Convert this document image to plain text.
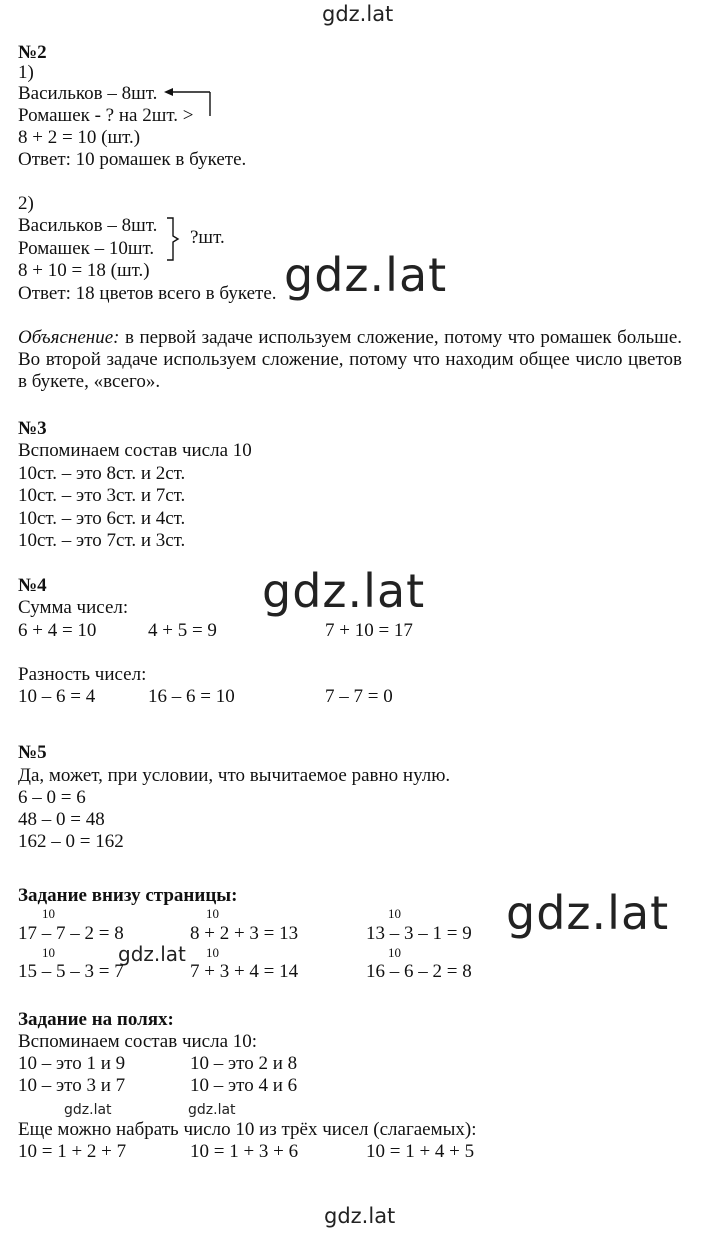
gdz.lat
gdz.lat
gdz.lat
gdz.lat
gdz.lat
gdz.lat	gdz.lat
gdz.lat
№2
1)
Васильков – 8шт.
Ромашек - ? на 2шт. >
8 + 2 = 10 (шт.)
Ответ: 10 ромашек в букете.
2)
Васильков – 8шт.
Ромашек – 10шт.
?шт.
8 + 10 = 18 (шт.)
Ответ: 18 цветов всего в букете.
Объяснение: в первой задаче используем сложение, потому что ромашек больше. Во второй задаче используем сложение, потому что находим общее число цветов в букете, «всего».
№3
Вспоминаем состав числа 10
10ст. – это 8ст. и 2ст.
10ст. – это 3ст. и 7ст.
10ст. – это 6ст. и 4ст.
10ст. – это 7ст. и 3ст.
№4
Сумма чисел:
6 + 4 = 10	4 + 5 = 9	7 + 10 = 17
Разность чисел:
10 – 6 = 4	16 – 6 = 10	7 – 7 = 0
№5
Да, может, при условии, что вычитаемое равно нулю.
6 – 0 = 6
48 – 0 = 48
162 – 0 = 162
Задание внизу страницы:
10	10	10
17 – 7 – 2 = 8	8 + 2 + 3 = 13	13 – 3 – 1 = 9
10	10	10
15 – 5 – 3 = 7	7 + 3 + 4 = 14	16 – 6 – 2 = 8
Задание на полях:
Вспоминаем состав числа 10:
10 – это 1 и 9	10 – это 2 и 8
10 – это 3 и 7	10 – это 4 и 6
Еще можно набрать число 10 из трёх чисел (слагаемых):
10 = 1 + 2 + 7	10 = 1 + 3 + 6	10 = 1 + 4 + 5
